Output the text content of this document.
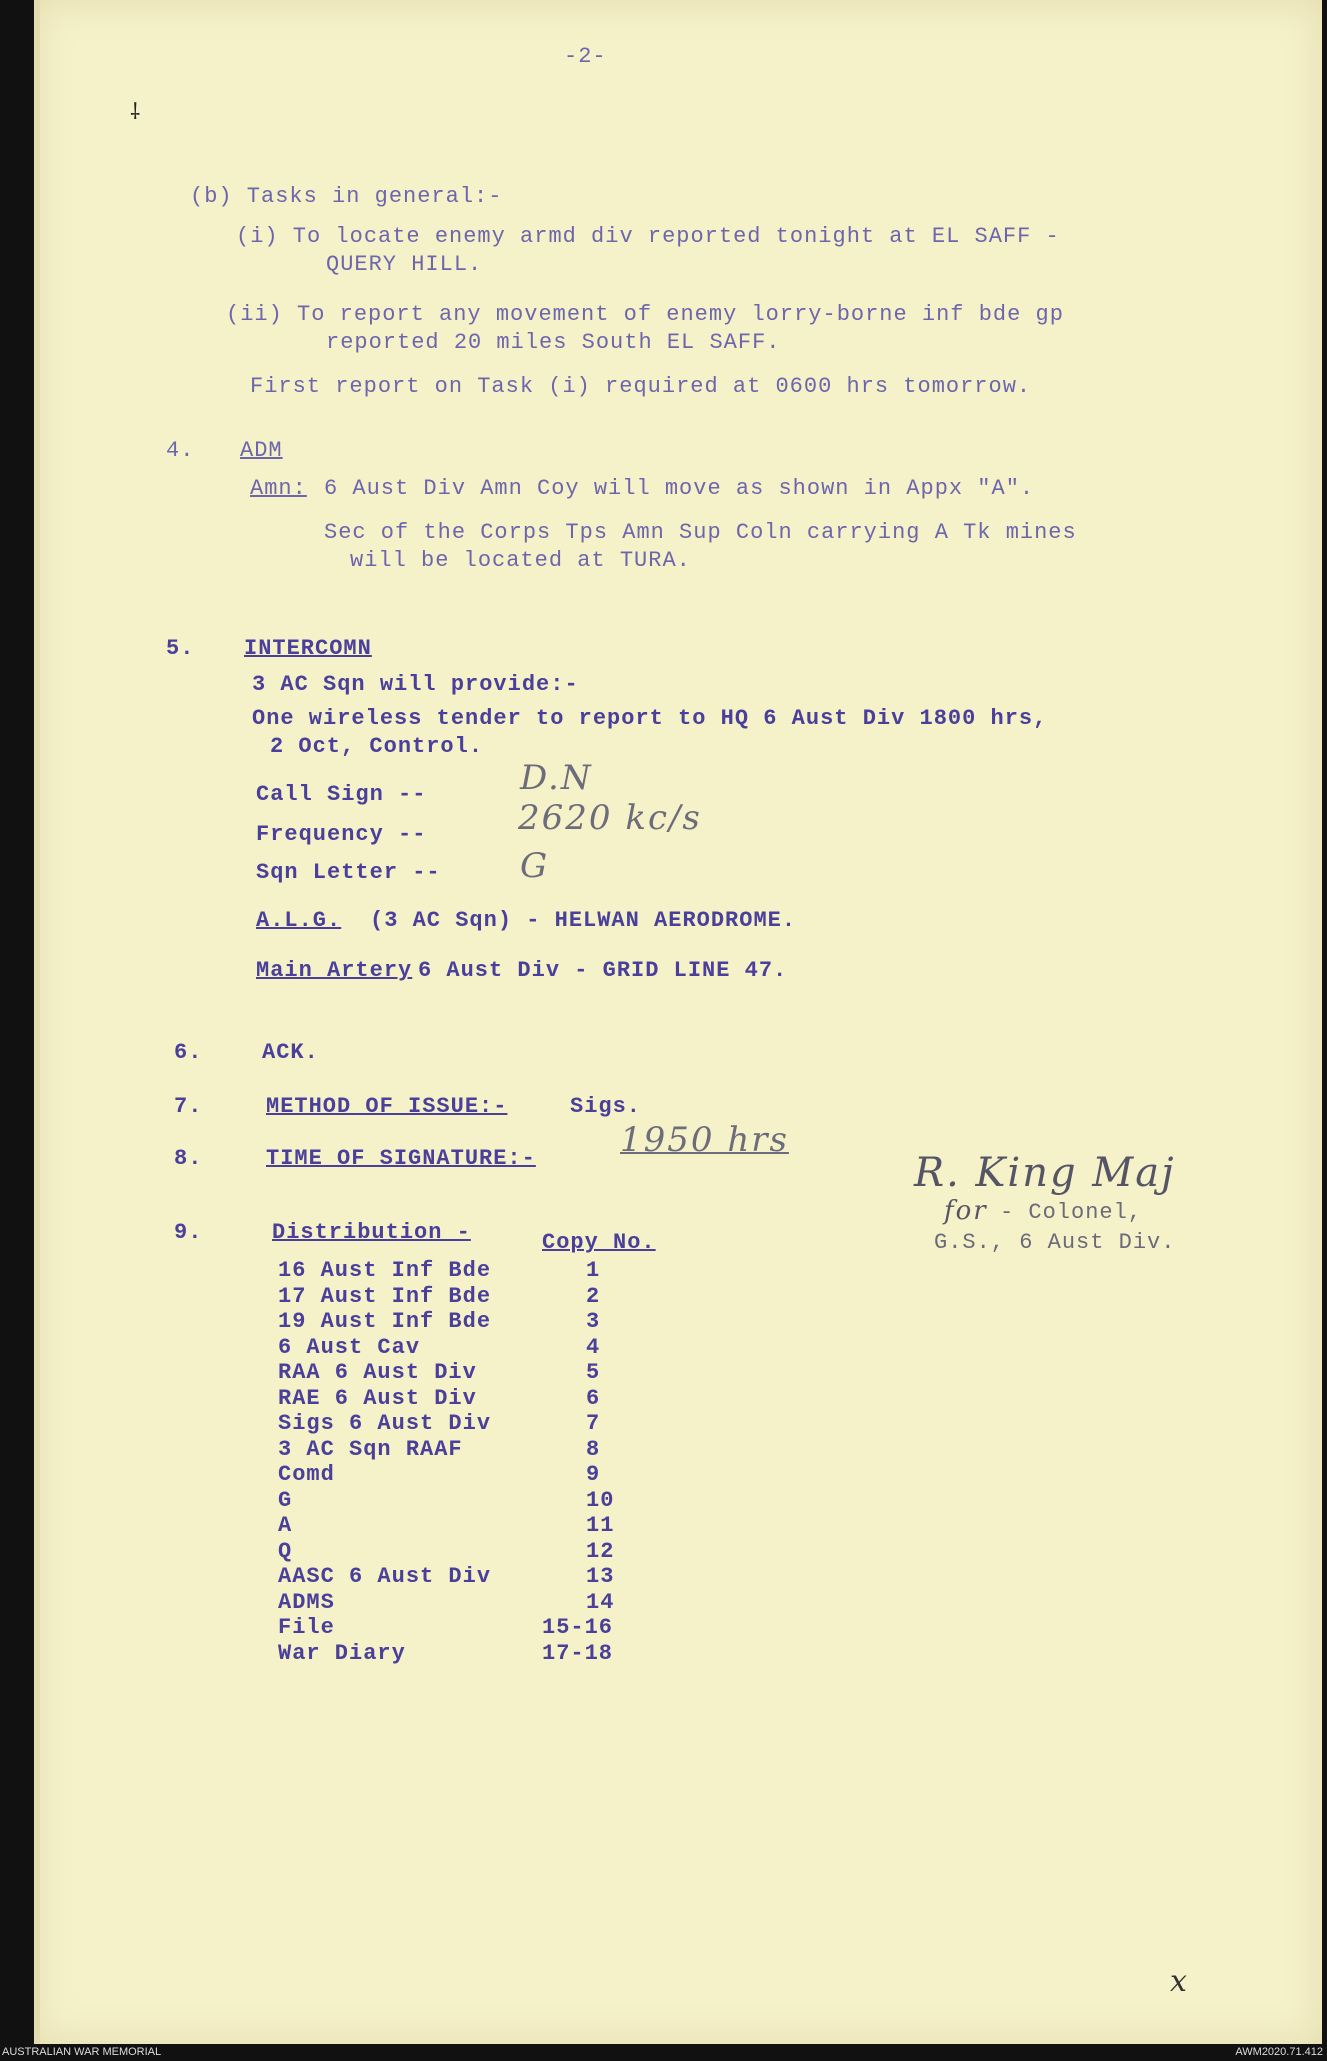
-2-
⸸
(b) Tasks in general:-
(i) To locate enemy armd div reported tonight at EL SAFF -
QUERY HILL.
(ii) To report any movement of enemy lorry-borne inf bde gp
reported 20 miles South EL SAFF.
First report on Task (i) required at 0600 hrs tomorrow.
4. ADM
Amn: 6 Aust Div Amn Coy will move as shown in Appx "A".
Sec of the Corps Tps Amn Sup Coln carrying A Tk mines
will be located at TURA.
5. INTERCOMN
3 AC Sqn will provide:-
One wireless tender to report to HQ 6 Aust Div 1800 hrs,
2 Oct, Control.
Call Sign --	D.N
Frequency --	2620 kc/s
Sqn Letter -- G
A.L.G. (3 AC Sqn) - HELWAN AERODROME.
Main Artery 6 Aust Div - GRID LINE 47.
6.	ACK.
7.	METHOD OF ISSUE:-	Sigs.
8.	TIME OF SIGNATURE:- 1950 hrs
R. King Maj
for - Colonel,
G.S., 6 Aust Div.
9.	Distribution -	Copy No.
16 Aust Inf Bde	1
17 Aust Inf Bde	2
19 Aust Inf Bde	3
6 Aust Cav	4
RAA 6 Aust Div	5
RAE 6 Aust Div	6
Sigs 6 Aust Div	7
3 AC Sqn RAAF	8
Comd	9
G	10
A	11
Q	12
AASC 6 Aust Div	13
ADMS	14
File	15-16
War Diary	17-18
x
AUSTRALIAN WAR MEMORIAL	AWM2020.71.412
